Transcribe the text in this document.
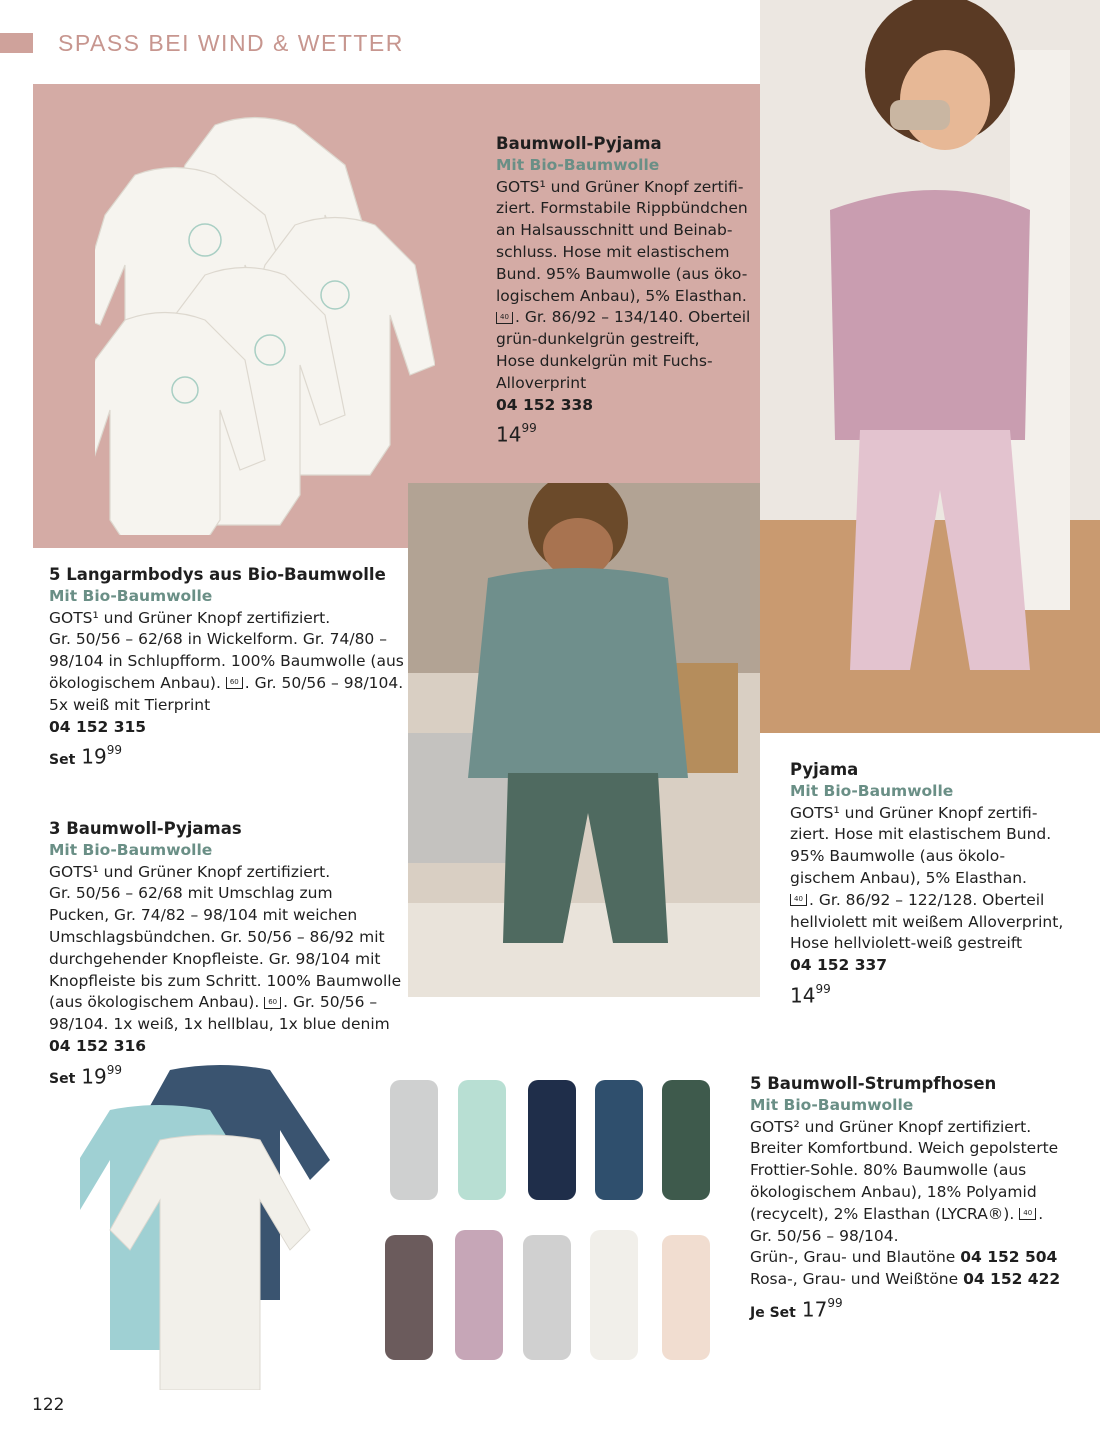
SPASS BEI WIND & WETTER
Baumwoll-Pyjama
Mit Bio-Baumwolle
GOTS¹ und Grüner Knopf zertifi-
ziert. Formstabile Rippbündchen
an Halsausschnitt und Beinab-
schluss. Hose mit elastischem
Bund. 95% Baumwolle (aus öko-
logischem Anbau), 5% Elasthan.
40 . Gr. 86/92 – 134/140. Oberteil
grün-dunkelgrün gestreift,
Hose dunkelgrün mit Fuchs-
Alloverprint
04 152 338
$14^{99}$
5 Langarmbodys aus Bio-Baumwolle
Mit Bio-Baumwolle
GOTS¹ und Grüner Knopf zertifiziert.
Gr. 50/56 – 62/68 in Wickelform. Gr. 74/80 –
98/104 in Schlupfform. 100% Baumwolle (aus
ökologischem Anbau). 60 . Gr. 50/56 – 98/104.
5x weiß mit Tierprint
04 152 315
Set $19^{99}$
3 Baumwoll-Pyjamas
Mit Bio-Baumwolle
GOTS¹ und Grüner Knopf zertifiziert.
Gr. 50/56 – 62/68 mit Umschlag zum
Pucken, Gr. 74/82 – 98/104 mit weichen
Umschlagsbündchen. Gr. 50/56 – 86/92 mit
durchgehender Knopfleiste. Gr. 98/104 mit
Knopfleiste bis zum Schritt. 100% Baumwolle
(aus ökologischem Anbau). 60 . Gr. 50/56 –
98/104. 1x weiß, 1x hellblau, 1x blue denim
04 152 316
Set $19^{99}$
Pyjama
Mit Bio-Baumwolle
GOTS¹ und Grüner Knopf zertifi-
ziert. Hose mit elastischem Bund.
95% Baumwolle (aus ökolo-
gischem Anbau), 5% Elasthan.
40 . Gr. 86/92 – 122/128. Oberteil
hellviolett mit weißem Alloverprint,
Hose hellviolett-weiß gestreift
04 152 337
$14^{99}$
5 Baumwoll-Strumpfhosen
Mit Bio-Baumwolle
GOTS² und Grüner Knopf zertifiziert.
Breiter Komfortbund. Weich gepolsterte
Frottier-Sohle. 80% Baumwolle (aus
ökologischem Anbau), 18% Polyamid
(recycelt), 2% Elasthan (LYCRA®). 40 .
Gr. 50/56 – 98/104.
Grün-, Grau- und Blautöne 04 152 504
Rosa-, Grau- und Weißtöne 04 152 422
Je Set $17^{99}$
122
